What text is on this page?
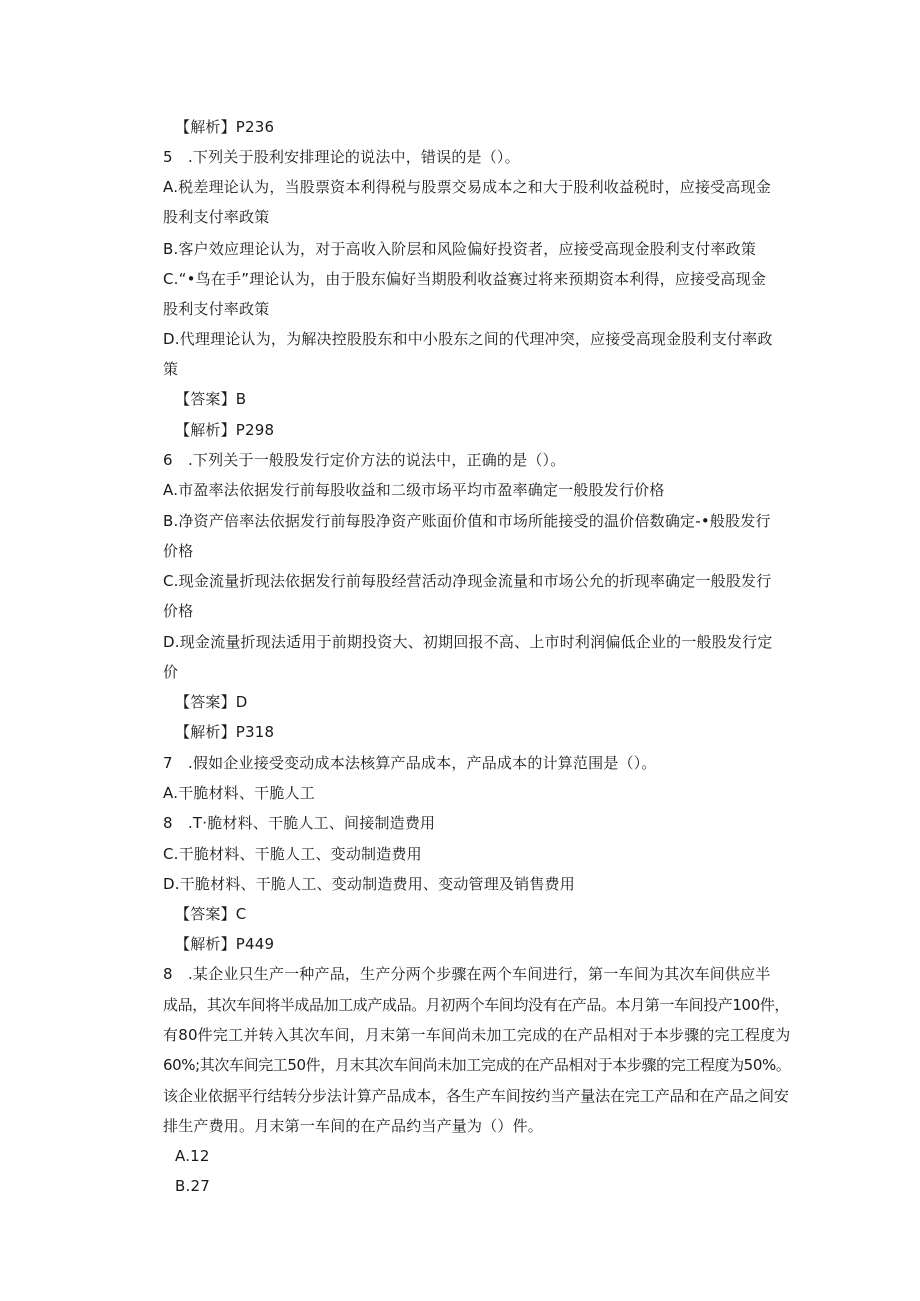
【解析】P236
5　.下列关于股利安排理论的说法中，错误的是（）。
A.税差理论认为，当股票资本利得税与股票交易成本之和大于股利收益税时，应接受高现金
股利支付率政策
B.客户效应理论认为，对于高收入阶层和风险偏好投资者，应接受高现金股利支付率政策
C.“•鸟在手”理论认为，由于股东偏好当期股利收益赛过将来预期资本利得，应接受高现金
股利支付率政策
D.代理理论认为，为解决控股股东和中小股东之间的代理冲突，应接受高现金股利支付率政
策
【答案】B
【解析】P298
6　.下列关于一般股发行定价方法的说法中，正确的是（）。
A.市盈率法依据发行前每股收益和二级市场平均市盈率确定一般股发行价格
B.净资产倍率法依据发行前每股净资产账面价值和市场所能接受的温价倍数确定-•般股发行
价格
C.现金流量折现法依据发行前每股经营活动净现金流量和市场公允的折现率确定一般股发行
价格
D.现金流量折现法适用于前期投资大、初期回报不高、上市时利润偏低企业的一般股发行定
价
【答案】D
【解析】P318
7　.假如企业接受变动成本法核算产品成本，产品成本的计算范围是（）。
A.干脆材料、干脆人工
8　.T·脆材料、干脆人工、间接制造费用
C.干脆材料、干脆人工、变动制造费用
D.干脆材料、干脆人工、变动制造费用、变动管理及销售费用
【答案】C
【解析】P449
8　.某企业只生产一种产品，生产分两个步骤在两个车间进行，第一车间为其次车间供应半
成品，其次车间将半成品加工成产成品。月初两个车间均没有在产品。本月第一车间投产100件，
有80件完工并转入其次车间，月末第一车间尚未加工完成的在产品相对于本步骤的完工程度为
60%;其次车间完工50件，月末其次车间尚未加工完成的在产品相对于本步骤的完工程度为50%。
该企业依据平行结转分步法计算产品成本，各生产车间按约当产量法在完工产品和在产品之间安
排生产费用。月末第一车间的在产品约当产量为（）件。
A.12
B.27
